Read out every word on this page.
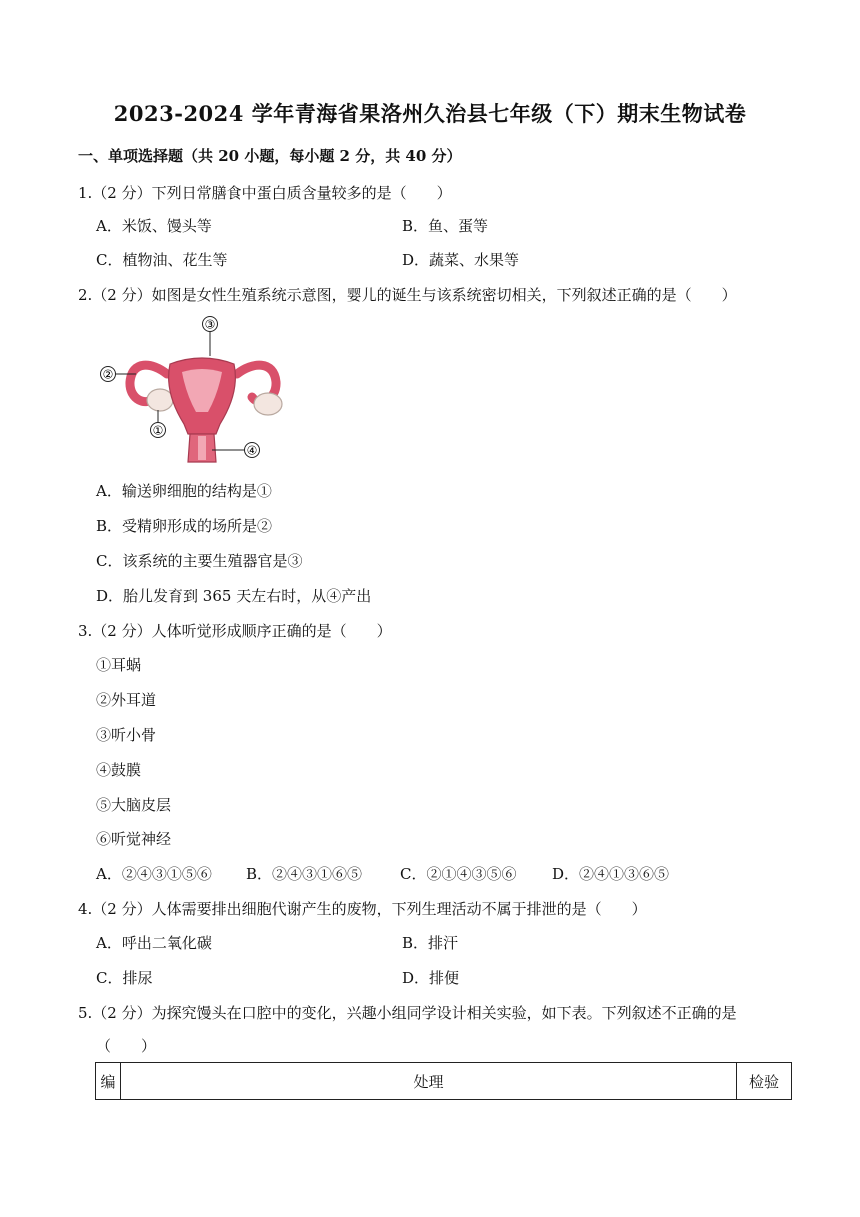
2023-2024 学年青海省果洛州久治县七年级（下）期末生物试卷
一、单项选择题（共 20 小题，每小题 2 分，共 40 分）
1.（2 分）下列日常膳食中蛋白质含量较多的是（　　）
A．米饭、馒头等	B．鱼、蛋等
C．植物油、花生等	D．蔬菜、水果等
2.（2 分）如图是女性生殖系统示意图，婴儿的诞生与该系统密切相关，下列叙述正确的是（　　）
③
②
①
④
A．输送卵细胞的结构是①
B．受精卵形成的场所是②
C．该系统的主要生殖器官是③
D．胎儿发育到 365 天左右时，从④产出
3.（2 分）人体听觉形成顺序正确的是（　　）
①耳蜗
②外耳道
③听小骨
④鼓膜
⑤大脑皮层
⑥听觉神经
A．②④③①⑤⑥ B．②④③①⑥⑤	C．②①④③⑤⑥ D．②④①③⑥⑤
4.（2 分）人体需要排出细胞代谢产生的废物，下列生理活动不属于排泄的是（　　）
A．呼出二氧化碳	B．排汗
C．排尿	D．排便
5.（2 分）为探究馒头在口腔中的变化，兴趣小组同学设计相关实验，如下表。下列叙述不正确的是
（　　）
编	处理	检验
